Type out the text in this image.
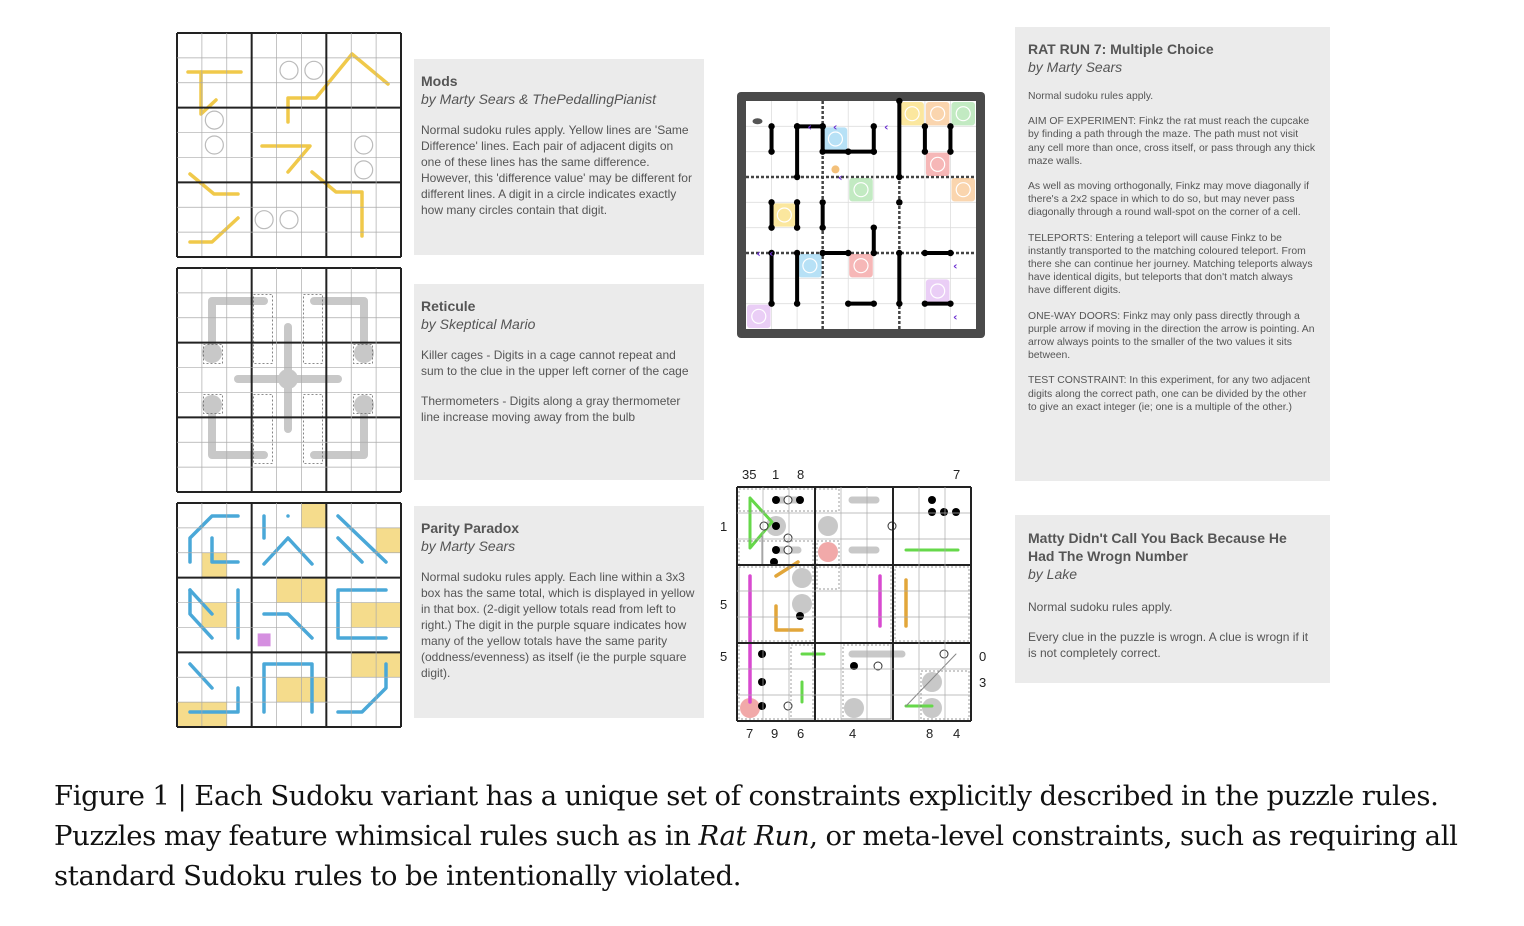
Mods
by Marty Sears & ThePedallingPianist
Normal sudoku rules apply. Yellow lines are 'Same Difference' lines. Each pair of adjacent digits on one of these lines has the same difference. However, this 'difference value' may be different for different lines. A digit in a circle indicates exactly how many circles contain that digit.
Reticule
by Skeptical Mario
Killer cages - Digits in a cage cannot repeat and sum to the clue in the upper left corner of the cage
Thermometers - Digits along a gray thermometer line increase moving away from the bulb
Parity Paradox
by Marty Sears
Normal sudoku rules apply. Each line within a 3x3 box has the same total, which is displayed in yellow in that box. (2-digit yellow totals read from left to right.) The digit in the purple square indicates how many of the yellow totals have the same parity (oddness/evenness) as itself (ie the purple square digit).
‹ ‹	‹
‹ ‹
‹
‹
‹
35 1 8	7
1
5
5	0
3
7 9 6	4	8 4
RAT RUN 7: Multiple Choice
by Marty Sears
Normal sudoku rules apply.
AIM OF EXPERIMENT: Finkz the rat must reach the cupcake by finding a path through the maze. The path must not visit any cell more than once, cross itself, or pass through any thick maze walls.
As well as moving orthogonally, Finkz may move diagonally if there's a 2x2 space in which to do so, but may never pass diagonally through a round wall-spot on the corner of a cell.
TELEPORTS: Entering a teleport will cause Finkz to be instantly transported to the matching coloured teleport. From there she can continue her journey. Matching teleports always have identical digits, but teleports that don't match always have different digits.
ONE-WAY DOORS: Finkz may only pass directly through a purple arrow if moving in the direction the arrow is pointing. An arrow always points to the smaller of the two values it sits between.
TEST CONSTRAINT: In this experiment, for any two adjacent digits along the correct path, one can be divided by the other to give an exact integer (ie; one is a multiple of the other.)
Matty Didn't Call You Back Because He Had The Wrogn Number
by Lake
Normal sudoku rules apply.
Every clue in the puzzle is wrogn. A clue is wrogn if it is not completely correct.
Figure 1 | Each Sudoku variant has a unique set of constraints explicitly described in the puzzle rules. Puzzles may feature whimsical rules such as in Rat Run, or meta-level constraints, such as requiring all standard Sudoku rules to be intentionally violated.
